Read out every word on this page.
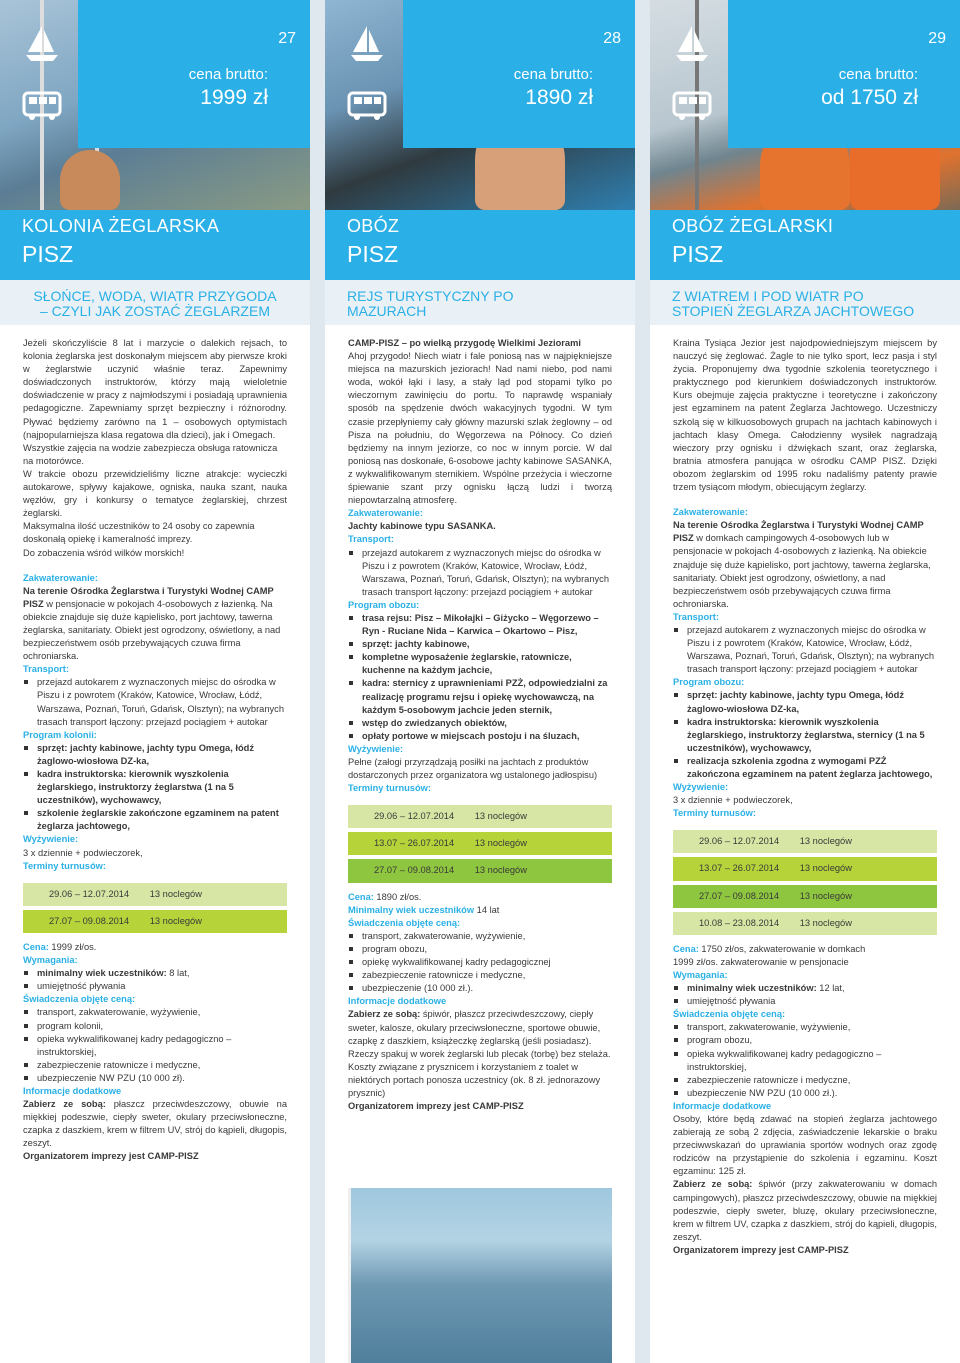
27
cena brutto:
1999 zł
KOLONIA ŻEGLARSKA
PISZ
SŁOŃCE, WODA, WIATR PRZYGODA
– CZYLI JAK ZOSTAĆ ŻEGLARZEM

Jeżeli skończyliście 8 lat i marzycie o dalekich rejsach, to kolonia żeglarska jest doskonałym miejscem aby pierwsze kroki w żeglarstwie uczynić właśnie teraz. Zapewnimy doświadczonych instruktorów, którzy mają wieloletnie doświadczenie w pracy z najmłodszymi i posiadają uprawnienia pedagogiczne. Zapewniamy sprzęt bezpieczny i różnorodny. Pływać będziemy zarówno na 1 – osobowych optymistach (najpopularniejsza klasa regatowa dla dzieci), jak i Omegach.

Wszystkie zajęcia na wodzie zabezpiecza obsługa ratownicza na motorówce.

W trakcie obozu przewidzieliśmy liczne atrakcje: wycieczki autokarowe, spływy kajakowe, ogniska, nauka szant, nauka węzłów, gry i konkursy o tematyce żeglarskiej, chrzest żeglarski.

Maksymalna ilość uczestników to 24 osoby co zapewnia doskonałą opiekę i kameralność imprezy.

Do zobaczenia wśród wilków morskich!

Zakwaterowanie:

Na terenie Ośrodka Żeglarstwa i Turystyki Wodnej CAMP PISZ w pensjonacie w pokojach 4-osobowych z łazienką. Na obiekcie znajduje się duże kąpielisko, port jachtowy, tawerna żeglarska, sanitariaty. Obiekt jest ogrodzony, oświetlony, a nad bezpieczeństwem osób przebywających czuwa firma ochroniarska.

Transport:

przejazd autokarem z wyznaczonych miejsc do ośrodka w Piszu i z powrotem (Kraków, Katowice, Wrocław, Łódź, Warszawa, Poznań, Toruń, Gdańsk, Olsztyn); na wybranych trasach transport łączony: przejazd pociągiem + autokar

Program kolonii:

sprzęt: jachty kabinowe, jachty typu Omega, łódź żaglowo-wiosłowa DZ-ka,
kadra instruktorska: kierownik wyszkolenia żeglarskiego, instruktorzy żeglarstwa (1 na 5 uczestników), wychowawcy,
szkolenie żeglarskie zakończone egzaminem na patent żeglarza jachtowego,

Wyżywienie:

3 x dziennie + podwieczorek,

Terminy turnusów:

29.06 – 12.07.2014	13 noclegów
27.07 – 09.08.2014	13 noclegów

Cena: 1999 zł/os.

Wymagania:

minimalny wiek uczestników: 8 lat,
umiejętność pływania

Świadczenia objęte ceną:

transport, zakwaterowanie, wyżywienie,
program kolonii,
opieka wykwalifikowanej kadry pedagogiczno – instruktorskiej,
zabezpieczenie ratownicze i medyczne,
ubezpieczenie NW PZU (10 000 zł).

Informacje dodatkowe

Zabierz ze sobą: płaszcz przeciwdeszczowy, obuwie na miękkiej podeszwie, ciepły sweter, okulary przeciwsłoneczne, czapka z daszkiem, krem w filtrem UV, strój do kąpieli, długopis, zeszyt.

Organizatorem imprezy jest CAMP-PISZ

28
cena brutto:
1890 zł
OBÓZ
PISZ
REJS TURYSTYCZNY PO
MAZURACH

CAMP-PISZ – po wielką przygodę Wielkimi Jeziorami

Ahoj przygodo! Niech wiatr i fale poniosą nas w najpiękniejsze miejsca na mazurskich jeziorach! Nad nami niebo, pod nami woda, wokół łąki i lasy, a stały ląd pod stopami tylko po wieczornym zawinięciu do portu. To naprawdę wspaniały sposób na spędzenie dwóch wakacyjnych tygodni. W tym czasie przepłyniemy cały główny mazurski szlak żeglowny – od Pisza na południu, do Węgorzewa na Północy. Co dzień będziemy na innym jeziorze, co noc w innym porcie. W dal poniosą nas doskonałe, 6-osobowe jachty kabinowe SASANKA, z wykwalifikowanym sternikiem. Wspólne przeżycia i wieczorne śpiewanie szant przy ognisku łączą ludzi i tworzą niepowtarzalną atmosferę.

Zakwaterowanie:

Jachty kabinowe typu SASANKA.

Transport:

przejazd autokarem z wyznaczonych miejsc do ośrodka w Piszu i z powrotem (Kraków, Katowice, Wrocław, Łódź, Warszawa, Poznań, Toruń, Gdańsk, Olsztyn); na wybranych trasach transport łączony: przejazd pociągiem + autokar

Program obozu:

trasa rejsu: Pisz – Mikołajki – Giżycko – Węgorzewo – Ryn - Ruciane Nida – Karwica – Okartowo – Pisz,
sprzęt: jachty kabinowe,
kompletne wyposażenie żeglarskie, ratownicze, kuchenne na każdym jachcie,
kadra: sternicy z uprawnieniami PZŻ, odpowiedzialni za realizację programu rejsu i opiekę wychowawczą, na każdym 5-osobowym jachcie jeden sternik,
wstęp do zwiedzanych obiektów,
opłaty portowe w miejscach postoju i na śluzach,

Wyżywienie:

Pełne (załogi przyrządzają posiłki na jachtach z produktów dostarczonych przez organizatora wg ustalonego jadłospisu)

Terminy turnusów:

29.06 – 12.07.2014	13 noclegów
13.07 – 26.07.2014	13 noclegów
27.07 – 09.08.2014	13 noclegów

Cena: 1890 zł/os.

Minimalny wiek uczestników 14 lat

Świadczenia objęte ceną:

transport, zakwaterowanie, wyżywienie,
program obozu,
opiekę wykwalifikowanej kadry pedagogicznej
zabezpieczenie ratownicze i medyczne,
ubezpieczenie (10 000 zł.).

Informacje dodatkowe

Zabierz ze sobą: śpiwór, płaszcz przeciwdeszczowy, ciepły sweter, kalosze, okulary przeciwsłoneczne, sportowe obuwie, czapkę z daszkiem, książeczkę żeglarską (jeśli posiadasz). Rzeczy spakuj w worek żeglarski lub plecak (torbę) bez stelaża. Koszty związane z prysznicem i korzystaniem z toalet w niektórych portach ponosza uczestnicy (ok. 8 zł. jednorazowy prysznic)

Organizatorem imprezy jest CAMP-PISZ

29
cena brutto:
od 1750 zł
OBÓZ ŻEGLARSKI
PISZ
Z WIATREM I POD WIATR PO
STOPIEŃ ŻEGLARZA JACHTOWEGO

Kraina Tysiąca Jezior jest najodpowiedniejszym miejscem by nauczyć się żeglować. Żagle to nie tylko sport, lecz pasja i styl życia. Proponujemy dwa tygodnie szkolenia teoretycznego i praktycznego pod kierunkiem doświadczonych instruktorów. Kurs obejmuje zajęcia praktyczne i teoretyczne i zakończony jest egzaminem na patent Żeglarza Jachtowego. Uczestniczy szkolą się w kilkuosobowych grupach na jachtach kabinowych i jachtach klasy Omega. Całodzienny wysiłek nagradzają wieczory przy ognisku i dźwiękach szant, oraz żeglarska, bratnia atmosfera panująca w ośrodku CAMP PISZ. Dzięki obozom żeglarskim od 1995 roku nadaliśmy patenty prawie trzem tysiącom młodym, obiecującym żeglarzy.

Zakwaterowanie:

Na terenie Ośrodka Żeglarstwa i Turystyki Wodnej CAMP PISZ w domkach campingowych 4-osobowych lub w pensjonacie w pokojach 4-osobowych z łazienką. Na obiekcie znajduje się duże kąpielisko, port jachtowy, tawerna żeglarska, sanitariaty. Obiekt jest ogrodzony, oświetlony, a nad bezpieczeństwem osób przebywających czuwa firma ochroniarska.

Transport:

przejazd autokarem z wyznaczonych miejsc do ośrodka w Piszu i z powrotem (Kraków, Katowice, Wrocław, Łódź, Warszawa, Poznań, Toruń, Gdańsk, Olsztyn); na wybranych trasach transport łączony: przejazd pociągiem + autokar

Program obozu:

sprzęt: jachty kabinowe, jachty typu Omega, łódź żaglowo-wiosłowa DZ-ka,
kadra instruktorska: kierownik wyszkolenia żeglarskiego, instruktorzy żeglarstwa, sternicy (1 na 5 uczestników), wychowawcy,
realizacja szkolenia zgodna z wymogami PZŻ zakończona egzaminem na patent żeglarza jachtowego,

Wyżywienie:

3 x dziennie + podwieczorek,

Terminy turnusów:

29.06 – 12.07.2014	13 noclegów
13.07 – 26.07.2014	13 noclegów
27.07 – 09.08.2014	13 noclegów
10.08 – 23.08.2014	13 noclegów

Cena: 1750 zł/os, zakwaterowanie w domkach

1999 zł/os. zakwaterowanie w pensjonacie

Wymagania:

minimalny wiek uczestników: 12 lat,
umiejętność pływania

Świadczenia objęte ceną:

transport, zakwaterowanie, wyżywienie,
program obozu,
opieka wykwalifikowanej kadry pedagogiczno – instruktorskiej,
zabezpieczenie ratownicze i medyczne,
ubezpieczenie NW PZU (10 000 zł.).

Informacje dodatkowe

Osoby, które będą zdawać na stopień żeglarza jachtowego zabierają ze sobą 2 zdjęcia, zaświadczenie lekarskie o braku przeciwwskazań do uprawiania sportów wodnych oraz zgodę rodziców na przystąpienie do szkolenia i egzaminu. Koszt egzaminu: 125 zł.

Zabierz ze sobą: śpiwór (przy zakwaterowaniu w domach campingowych), płaszcz przeciwdeszczowy, obuwie na miękkiej podeszwie, ciepły sweter, bluzę, okulary przeciwsłoneczne, krem w filtrem UV, czapka z daszkiem, strój do kąpieli, długopis, zeszyt.

Organizatorem imprezy jest CAMP-PISZ
